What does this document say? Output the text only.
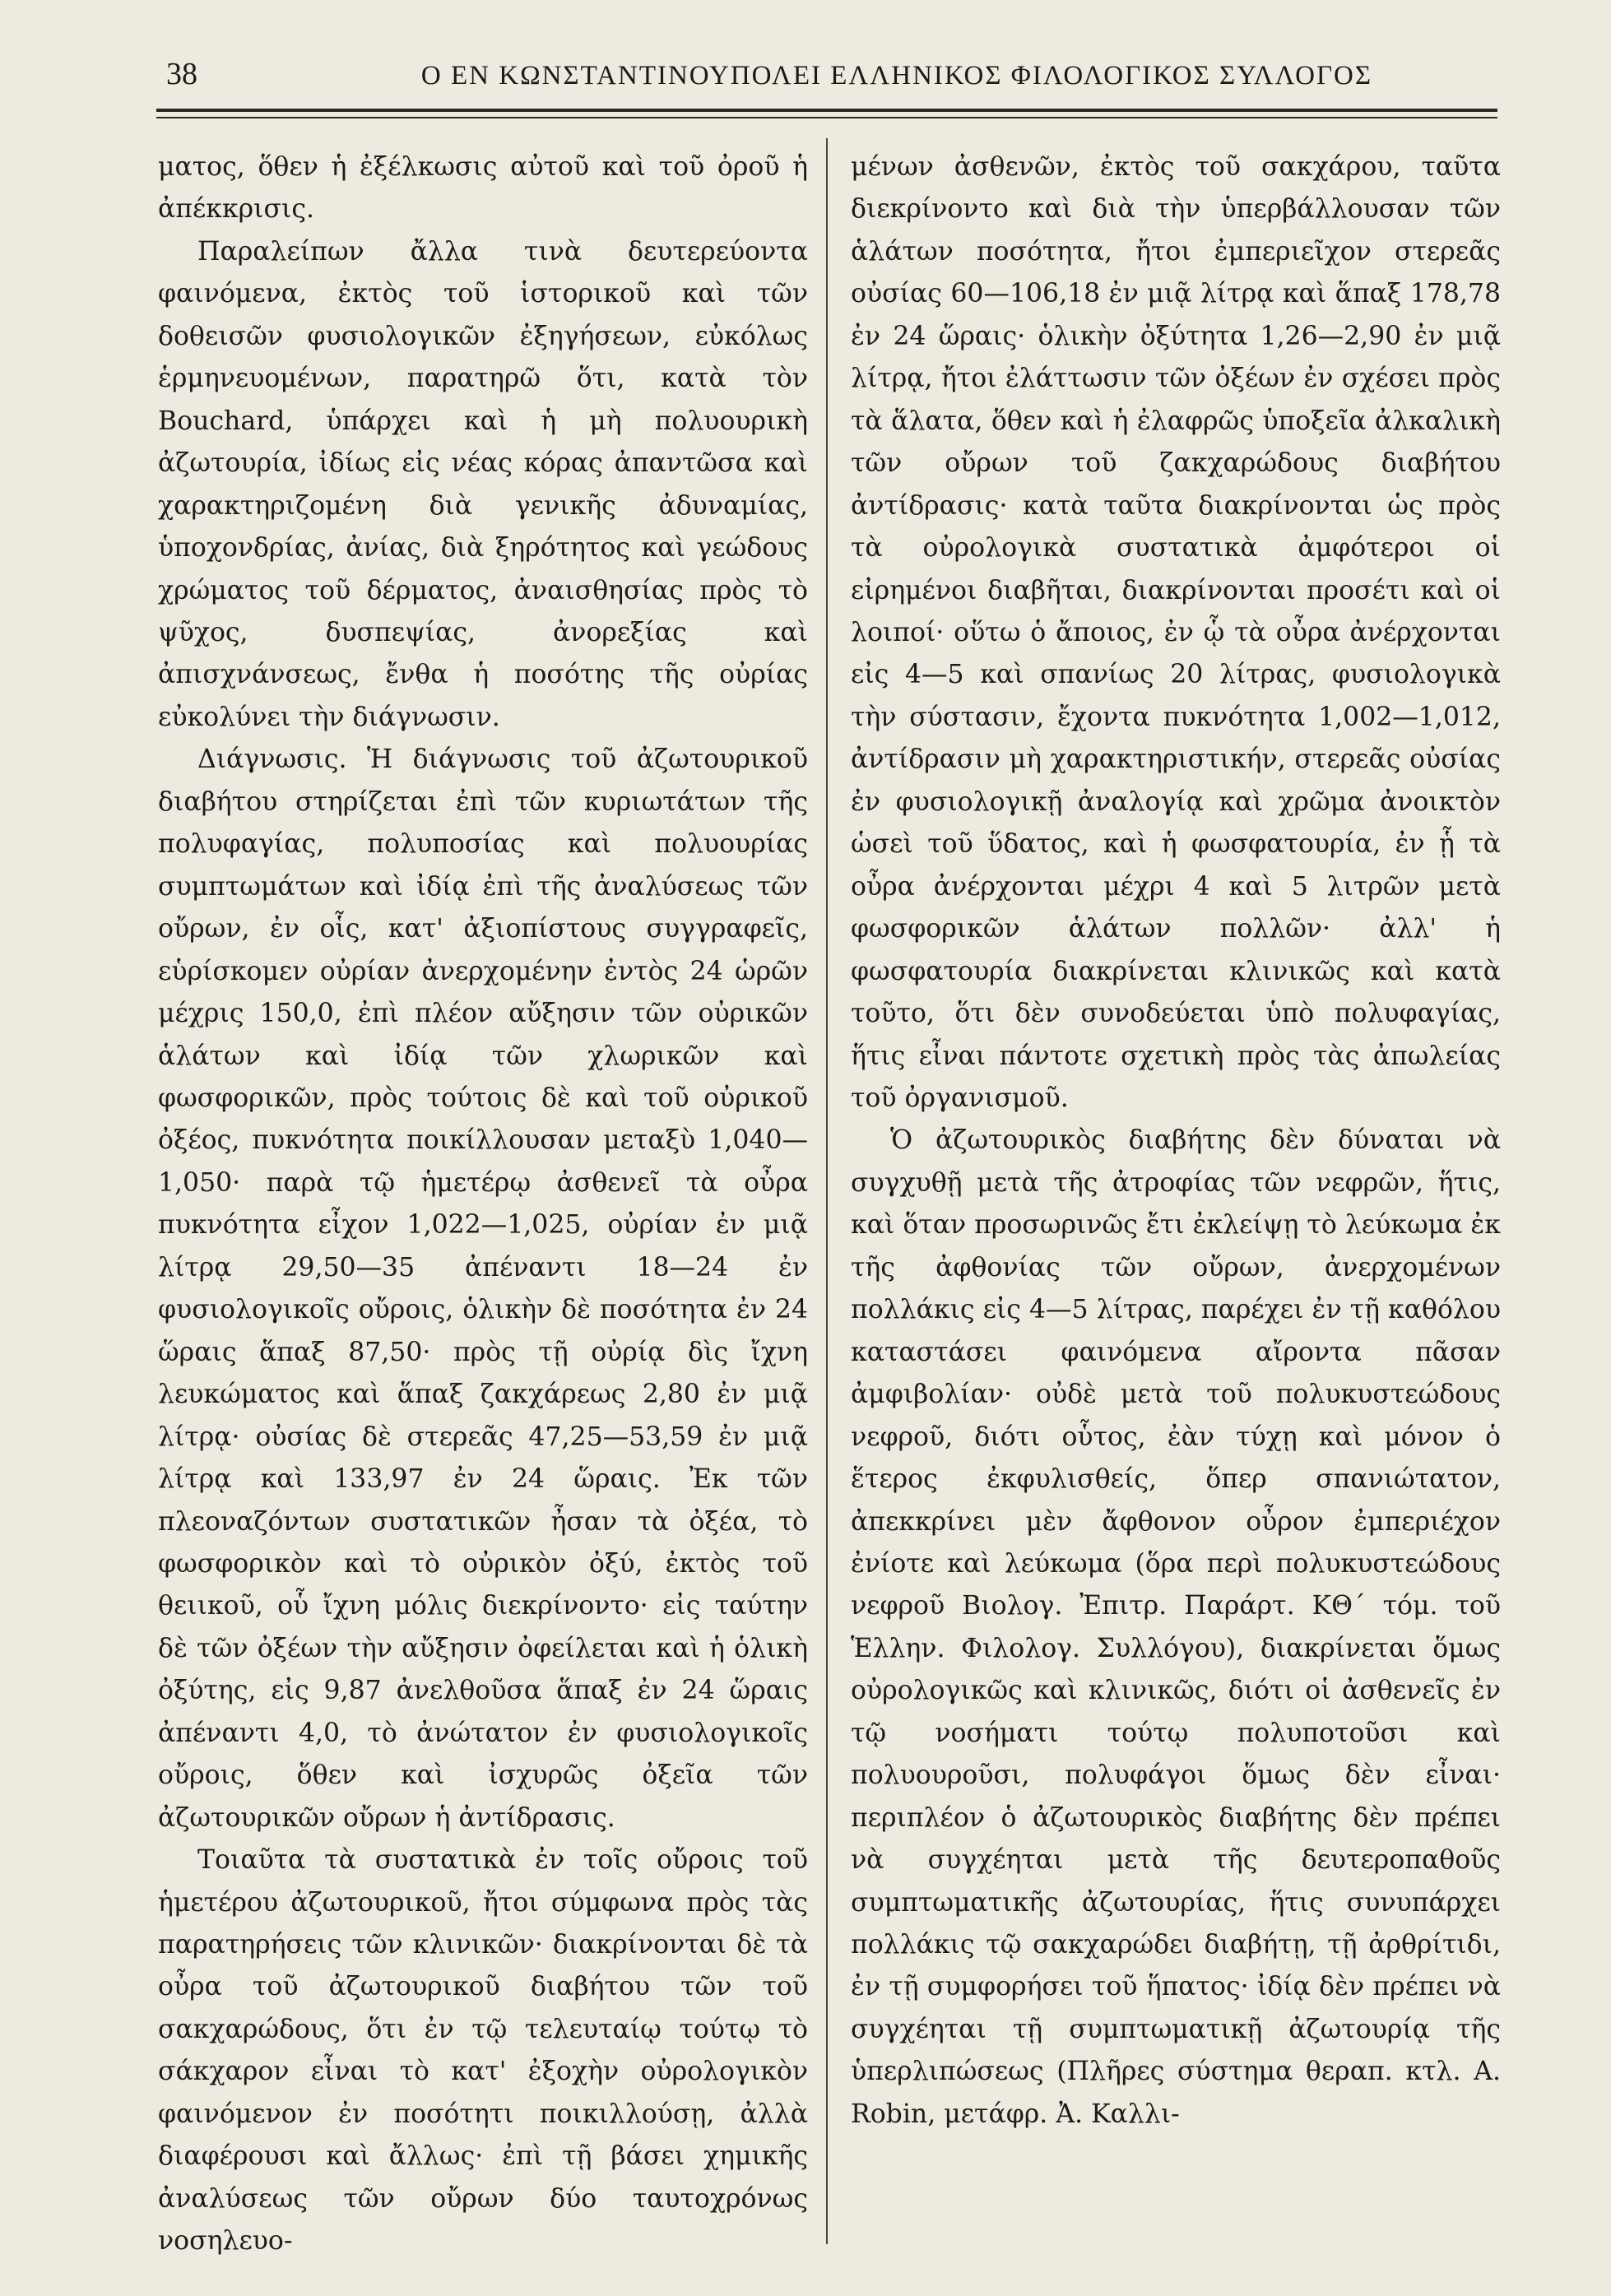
38	Ο ΕΝ ΚΩΝΣΤΑΝΤΙΝΟΥΠΟΛΕΙ ΕΛΛΗΝΙΚΟΣ ΦΙΛΟΛΟΓΙΚΟΣ ΣΥΛΛΟΓΟΣ

ματος, ὅθεν ἡ ἐξέλκωσις αὐτοῦ καὶ τοῦ ὀροῦ ἡ ἀπέκκρισις.

Παραλείπων ἄλλα τινὰ δευτερεύοντα φαινόμενα, ἐκτὸς τοῦ ἱστορικοῦ καὶ τῶν δοθεισῶν φυσιολογικῶν ἐξηγήσεων, εὐκόλως ἑρμηνευομένων, παρατηρῶ ὅτι, κατὰ τὸν Bouchard, ὑπάρχει καὶ ἡ μὴ πολυουρικὴ ἀζωτουρία, ἰδίως εἰς νέας κόρας ἀπαντῶσα καὶ χαρακτηριζομένη διὰ γενικῆς ἀδυναμίας, ὑποχονδρίας, ἀνίας, διὰ ξηρότητος καὶ γεώδους χρώματος τοῦ δέρματος, ἀναισθησίας πρὸς τὸ ψῦχος, δυσπεψίας, ἀνορεξίας καὶ ἀπισχνάνσεως, ἔνθα ἡ ποσότης τῆς οὐρίας εὐκολύνει τὴν διάγνωσιν.

Διάγνωσις. Ἡ διάγνωσις τοῦ ἀζωτουρικοῦ διαβήτου στηρίζεται ἐπὶ τῶν κυριωτάτων τῆς πολυφαγίας, πολυποσίας καὶ πολυουρίας συμπτωμάτων καὶ ἰδίᾳ ἐπὶ τῆς ἀναλύσεως τῶν οὔρων, ἐν οἷς, κατ' ἀξιοπίστους συγγραφεῖς, εὑρίσκομεν οὐρίαν ἀνερχομένην ἐντὸς 24 ὡρῶν μέχρις 150,0, ἐπὶ πλέον αὔξησιν τῶν οὐρικῶν ἁλάτων καὶ ἰδίᾳ τῶν χλωρικῶν καὶ φωσφορικῶν, πρὸς τούτοις δὲ καὶ τοῦ οὐρικοῦ ὀξέος, πυκνότητα ποικίλλουσαν μεταξὺ 1,040—1,050· παρὰ τῷ ἡμετέρῳ ἀσθενεῖ τὰ οὖρα πυκνότητα εἶχον 1,022—1,025, οὐρίαν ἐν μιᾷ λίτρᾳ 29,50—35 ἀπέναντι 18—24 ἐν φυσιολογικοῖς οὔροις, ὁλικὴν δὲ ποσότητα ἐν 24 ὥραις ἅπαξ 87,50· πρὸς τῇ οὐρίᾳ δὶς ἴχνη λευκώματος καὶ ἅπαξ ζακχάρεως 2,80 ἐν μιᾷ λίτρᾳ· οὐσίας δὲ στερεᾶς 47,25—53,59 ἐν μιᾷ λίτρᾳ καὶ 133,97 ἐν 24 ὥραις. Ἐκ τῶν πλεοναζόντων συστατικῶν ἦσαν τὰ ὀξέα, τὸ φωσφορικὸν καὶ τὸ οὐρικὸν ὀξύ, ἐκτὸς τοῦ θειικοῦ, οὗ ἴχνη μόλις διεκρίνοντο· εἰς ταύτην δὲ τῶν ὀξέων τὴν αὔξησιν ὀφείλεται καὶ ἡ ὁλικὴ ὀξύτης, εἰς 9,87 ἀνελθοῦσα ἅπαξ ἐν 24 ὥραις ἀπέναντι 4,0, τὸ ἀνώτατον ἐν φυσιολογικοῖς οὔροις, ὅθεν καὶ ἰσχυρῶς ὀξεῖα τῶν ἀζωτουρικῶν οὔρων ἡ ἀντίδρασις.

Τοιαῦτα τὰ συστατικὰ ἐν τοῖς οὔροις τοῦ ἡμετέρου ἀζωτουρικοῦ, ἤτοι σύμφωνα πρὸς τὰς παρατηρήσεις τῶν κλινικῶν· διακρίνονται δὲ τὰ οὖρα τοῦ ἀζωτουρικοῦ διαβήτου τῶν τοῦ σακχαρώδους, ὅτι ἐν τῷ τελευταίῳ τούτῳ τὸ σάκχαρον εἶναι τὸ κατ' ἐξοχὴν οὐρολογικὸν φαινόμενον ἐν ποσότητι ποικιλλούσῃ, ἀλλὰ διαφέρουσι καὶ ἄλλως· ἐπὶ τῇ βάσει χημικῆς ἀναλύσεως τῶν οὔρων δύο ταυτοχρόνως νοσηλευο-

μένων ἀσθενῶν, ἐκτὸς τοῦ σακχάρου, ταῦτα διεκρίνοντο καὶ διὰ τὴν ὑπερβάλλουσαν τῶν ἁλάτων ποσότητα, ἤτοι ἐμπεριεῖχον στερεᾶς οὐσίας 60—106,18 ἐν μιᾷ λίτρᾳ καὶ ἅπαξ 178,78 ἐν 24 ὥραις· ὁλικὴν ὀξύτητα 1,26—2,90 ἐν μιᾷ λίτρᾳ, ἤτοι ἐλάττωσιν τῶν ὀξέων ἐν σχέσει πρὸς τὰ ἅλατα, ὅθεν καὶ ἡ ἐλαφρῶς ὑποξεῖα ἀλκαλικὴ τῶν οὔρων τοῦ ζακχαρώδους διαβήτου ἀντίδρασις· κατὰ ταῦτα διακρίνονται ὡς πρὸς τὰ οὐρολογικὰ συστατικὰ ἀμφότεροι οἱ εἰρημένοι διαβῆται, διακρίνονται προσέτι καὶ οἱ λοιποί· οὕτω ὁ ἄποιος, ἐν ᾧ τὰ οὖρα ἀνέρχονται εἰς 4—5 καὶ σπανίως 20 λίτρας, φυσιολογικὰ τὴν σύστασιν, ἔχοντα πυκνότητα 1,002—1,012, ἀντίδρασιν μὴ χαρακτηριστικήν, στερεᾶς οὐσίας ἐν φυσιολογικῇ ἀναλογίᾳ καὶ χρῶμα ἀνοικτὸν ὡσεὶ τοῦ ὕδατος, καὶ ἡ φωσφατουρία, ἐν ᾗ τὰ οὖρα ἀνέρχονται μέχρι 4 καὶ 5 λιτρῶν μετὰ φωσφορικῶν ἁλάτων πολλῶν· ἀλλ' ἡ φωσφατουρία διακρίνεται κλινικῶς καὶ κατὰ τοῦτο, ὅτι δὲν συνοδεύεται ὑπὸ πολυφαγίας, ἥτις εἶναι πάντοτε σχετικὴ πρὸς τὰς ἀπωλείας τοῦ ὀργανισμοῦ.

Ὁ ἀζωτουρικὸς διαβήτης δὲν δύναται νὰ συγχυθῇ μετὰ τῆς ἀτροφίας τῶν νεφρῶν, ἥτις, καὶ ὅταν προσωρινῶς ἔτι ἐκλείψῃ τὸ λεύκωμα ἐκ τῆς ἀφθονίας τῶν οὔρων, ἀνερχομένων πολλάκις εἰς 4—5 λίτρας, παρέχει ἐν τῇ καθόλου καταστάσει φαινόμενα αἴροντα πᾶσαν ἀμφιβολίαν· οὐδὲ μετὰ τοῦ πολυκυστεώδους νεφροῦ, διότι οὗτος, ἐὰν τύχῃ καὶ μόνον ὁ ἕτερος ἐκφυλισθείς, ὅπερ σπανιώτατον, ἀπεκκρίνει μὲν ἄφθονον οὖρον ἐμπεριέχον ἐνίοτε καὶ λεύκωμα (ὅρα περὶ πολυκυστεώδους νεφροῦ Βιολογ. Ἐπιτρ. Παράρτ. ΚΘ΄ τόμ. τοῦ Ἑλλην. Φιλολογ. Συλλόγου), διακρίνεται ὅμως οὐρολογικῶς καὶ κλινικῶς, διότι οἱ ἀσθενεῖς ἐν τῷ νοσήματι τούτῳ πολυποτοῦσι καὶ πολυουροῦσι, πολυφάγοι ὅμως δὲν εἶναι· περιπλέον ὁ ἀζωτουρικὸς διαβήτης δὲν πρέπει νὰ συγχέηται μετὰ τῆς δευτεροπαθοῦς συμπτωματικῆς ἀζωτουρίας, ἥτις συνυπάρχει πολλάκις τῷ σακχαρώδει διαβήτῃ, τῇ ἀρθρίτιδι, ἐν τῇ συμφορήσει τοῦ ἥπατος· ἰδίᾳ δὲν πρέπει νὰ συγχέηται τῇ συμπτωματικῇ ἀζωτουρίᾳ τῆς ὑπερλιπώσεως (Πλῆρες σύστημα θεραπ. κτλ. A. Robin, μετάφρ. Ἀ. Καλλι-
